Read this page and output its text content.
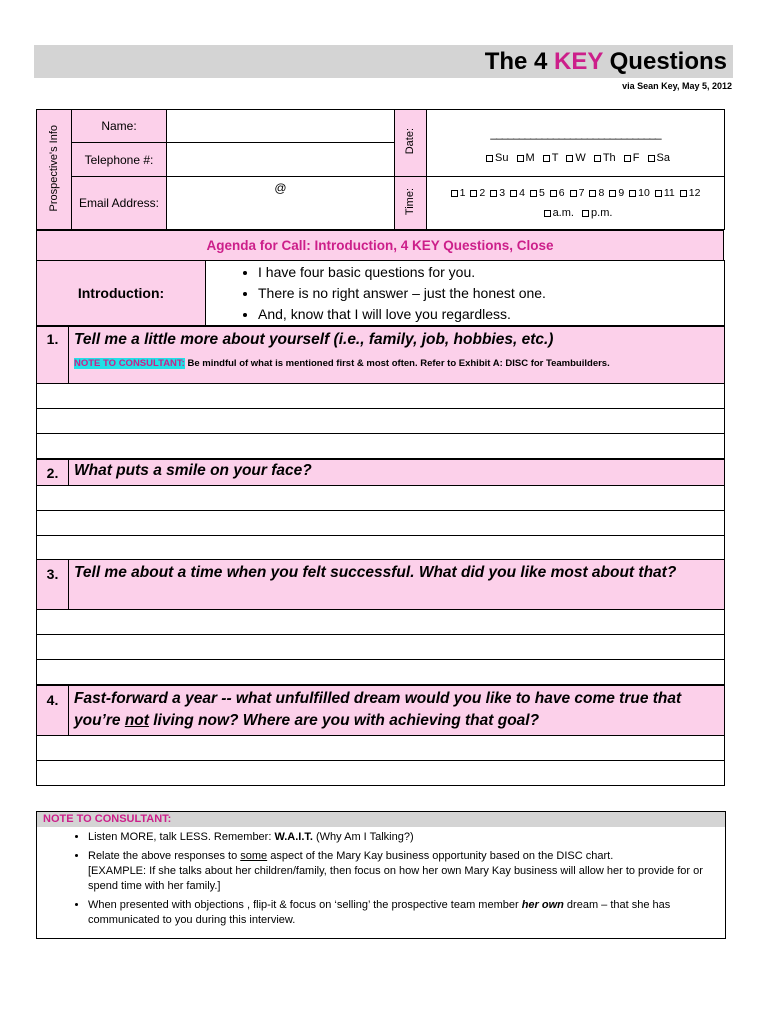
The 4 KEY Questions
via Sean Key, May 5, 2012
Prospective's Info	Name:		Date:	______________________________
Su M T W Th F Sa

	Telephone #:			
	Email Address:	@	Time:	1 2 3 4 5 6 7 8 9 10 11 12
a.m. p.m.
Agenda for Call: Introduction, 4 KEY Questions, Close
Introduction:	
• I have four basic questions for you.
• There is no right answer – just the honest one.
• And, know that I will love you regardless.
1.	Tell me a little more about yourself (i.e., family, job, hobbies, etc.)
NOTE TO CONSULTANT: Be mindful of what is mentioned first & most often. Refer to Exhibit A: DISC for Teambuilders.

2.	What puts a smile on your face?

3.	Tell me about a time when you felt successful. What did you like most about that?

4.	Fast-forward a year -- what unfulfilled dream would you like to have come true that you’re not living now? Where are you with achieving that goal?

NOTE TO CONSULTANT:
• Listen MORE, talk LESS. Remember: W.A.I.T. (Why Am I Talking?)
• Relate the above responses to some aspect of the Mary Kay business opportunity based on the DISC chart.
[EXAMPLE: If she talks about her children/family, then focus on how her own Mary Kay business will allow her to provide for or spend time with her family.]
• When presented with objections , flip-it & focus on ‘selling’ the prospective team member her own dream – that she has communicated to you during this interview.
